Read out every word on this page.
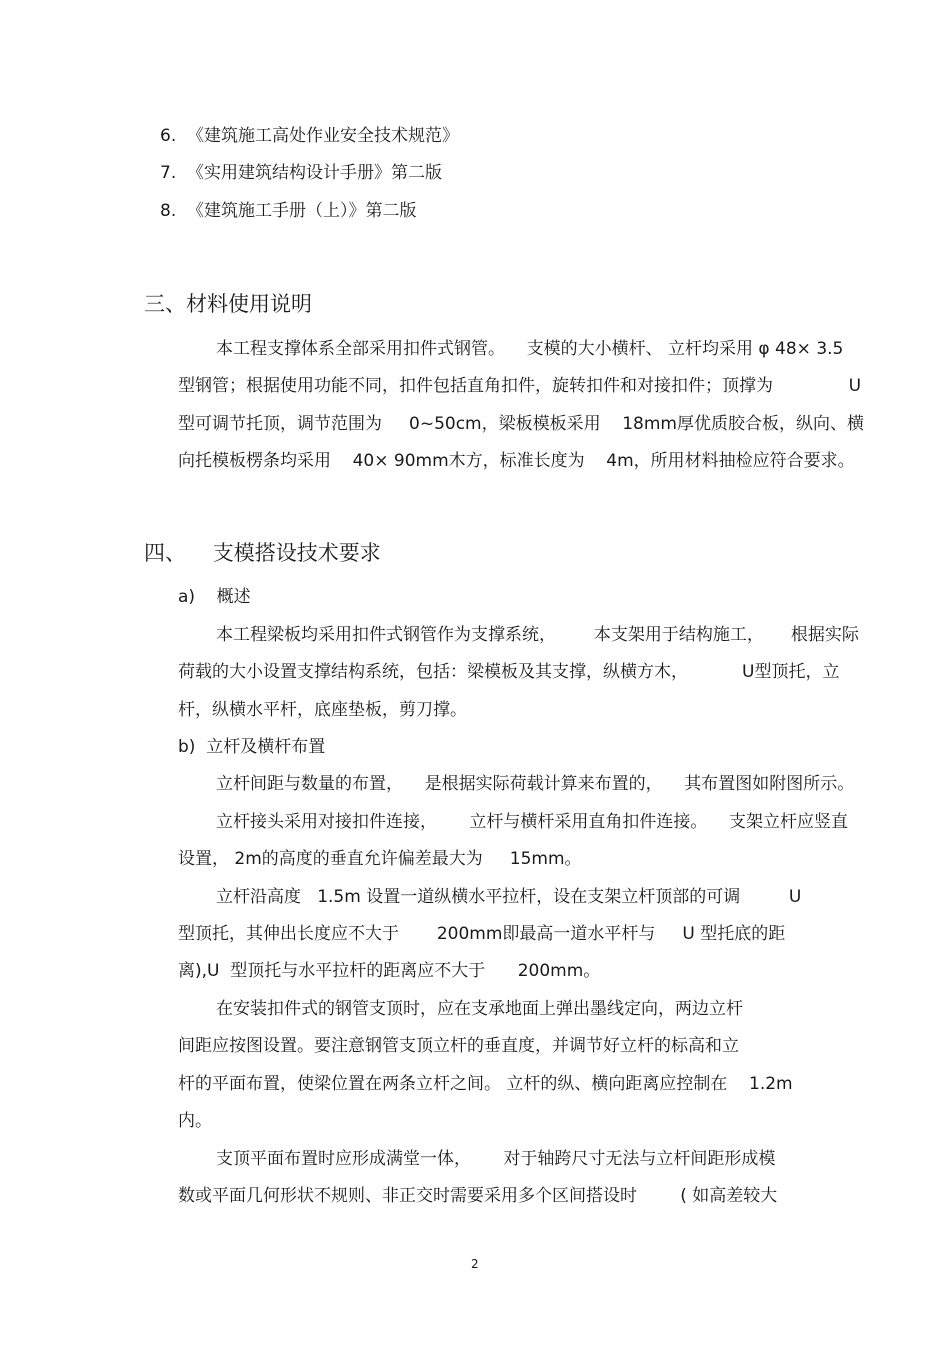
6.  《建筑施工高处作业安全技术规范》
7.  《实用建筑结构设计手册》第二版
8.  《建筑施工手册（上）》第二版
三、材料使用说明
本工程支撑体系全部采用扣件式钢管。    支模的大小横杆、 立杆均采用 φ 48× 3.5
型钢管；根据使用功能不同，扣件包括直角扣件，旋转扣件和对接扣件；顶撑为              U
型可调节托顶，调节范围为     0~50cm，梁板模板采用    18mm厚优质胶合板，纵向、横
向托模板楞条均采用    40× 90mm木方，标准长度为    4m，所用材料抽检应符合要求。
四、    支模搭设技术要求
a)    概述
本工程梁板均采用扣件式钢管作为支撑系统，       本支架用于结构施工，     根据实际
荷载的大小设置支撑结构系统，包括：梁模板及其支撑，纵横方木，          U型顶托，立
杆，纵横水平杆，底座垫板，剪刀撑。
b)  立杆及横杆布置
立杆间距与数量的布置，    是根据实际荷载计算来布置的，    其布置图如附图所示。
立杆接头采用对接扣件连接，      立杆与横杆采用直角扣件连接。    支架立杆应竖直
设置， 2m的高度的垂直允许偏差最大为     15mm。
立杆沿高度   1.5m 设置一道纵横水平拉杆，设在支架立杆顶部的可调         U
型顶托，其伸出长度应不大于       200mm即最高一道水平杆与     U 型托底的距
离),U  型顶托与水平拉杆的距离应不大于      200mm。
在安装扣件式的钢管支顶时，应在支承地面上弹出墨线定向，两边立杆
间距应按图设置。要注意钢管支顶立杆的垂直度，并调节好立杆的标高和立
杆的平面布置，使梁位置在两条立杆之间。 立杆的纵、横向距离应控制在    1.2m
内。
支顶平面布置时应形成满堂一体，      对于轴跨尺寸无法与立杆间距形成模
数或平面几何形状不规则、非正交时需要采用多个区间搭设时        ( 如高差较大
2
